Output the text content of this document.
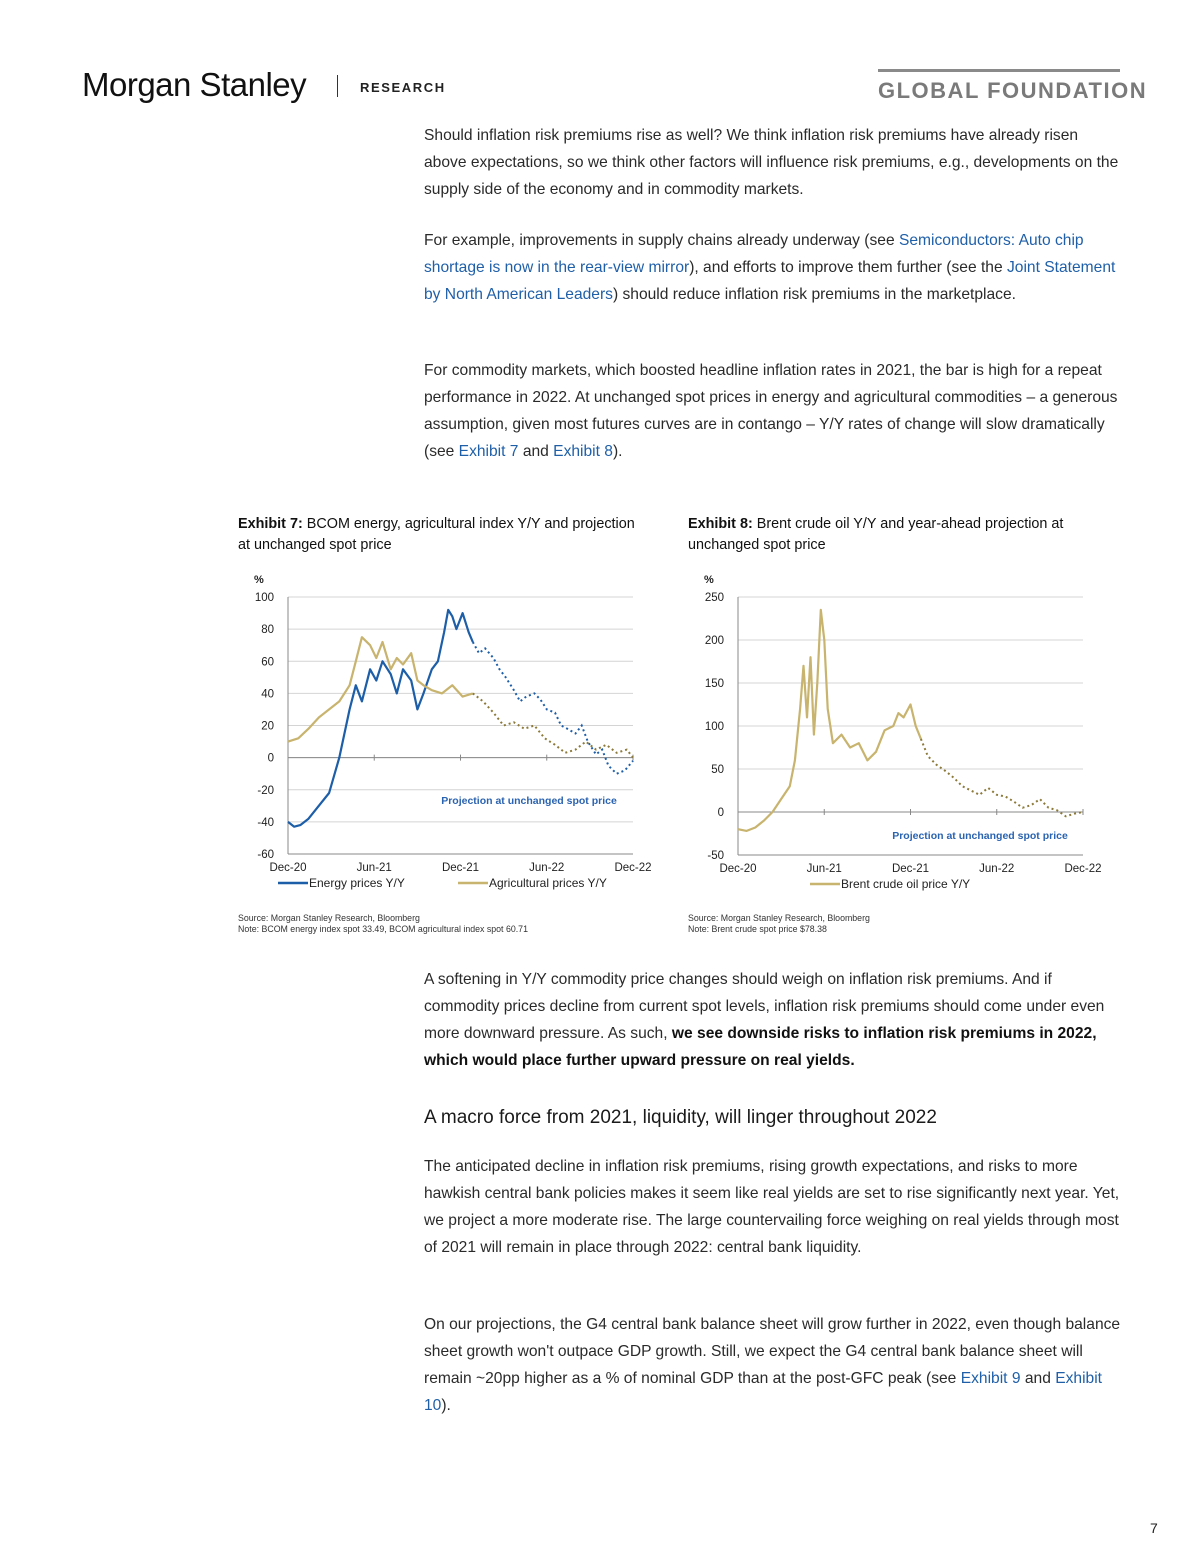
Morgan Stanley	RESEARCH	GLOBAL FOUNDATION

Should inflation risk premiums rise as well? We think inflation risk premiums have already risen above expectations, so we think other factors will influence risk premiums, e.g., developments on the supply side of the economy and in commodity markets.

For example, improvements in supply chains already underway (see Semiconductors: Auto chip shortage is now in the rear-view mirror), and efforts to improve them further (see the Joint Statement by North American Leaders) should reduce inflation risk premiums in the marketplace.

For commodity markets, which boosted headline inflation rates in 2021, the bar is high for a repeat performance in 2022. At unchanged spot prices in energy and agricultural commodities – a generous assumption, given most futures curves are in contango – Y/Y rates of change will slow dramatically (see Exhibit 7 and Exhibit 8).

Exhibit 7: BCOM energy, agricultural index Y/Y and projection at unchanged spot price
%
100
80
60
40
20
0
-20
-40
-60
Dec-20	Jun-21	Dec-21	Jun-22	Dec-22
Projection at unchanged spot price
Energy prices Y/Y	Agricultural prices Y/Y
Source: Morgan Stanley Research, Bloomberg
Note: BCOM energy index spot 33.49, BCOM agricultural index spot 60.71
Exhibit 8: Brent crude oil Y/Y and year-ahead projection at unchanged spot price
%
250
200
150
100
50
0
-50
Dec-20	Jun-21	Dec-21	Jun-22	Dec-22
Projection at unchanged spot price
Brent crude oil price Y/Y
Source: Morgan Stanley Research, Bloomberg
Note: Brent crude spot price $78.38

A softening in Y/Y commodity price changes should weigh on inflation risk premiums. And if commodity prices decline from current spot levels, inflation risk premiums should come under even more downward pressure. As such, we see downside risks to inflation risk premiums in 2022, which would place further upward pressure on real yields.

A macro force from 2021, liquidity, will linger throughout 2022

The anticipated decline in inflation risk premiums, rising growth expectations, and risks to more hawkish central bank policies makes it seem like real yields are set to rise significantly next year. Yet, we project a more moderate rise. The large countervailing force weighing on real yields through most of 2021 will remain in place through 2022: central bank liquidity.

On our projections, the G4 central bank balance sheet will grow further in 2022, even though balance sheet growth won't outpace GDP growth. Still, we expect the G4 central bank balance sheet will remain ~20pp higher as a % of nominal GDP than at the post-GFC peak (see Exhibit 9 and Exhibit 10).

7
